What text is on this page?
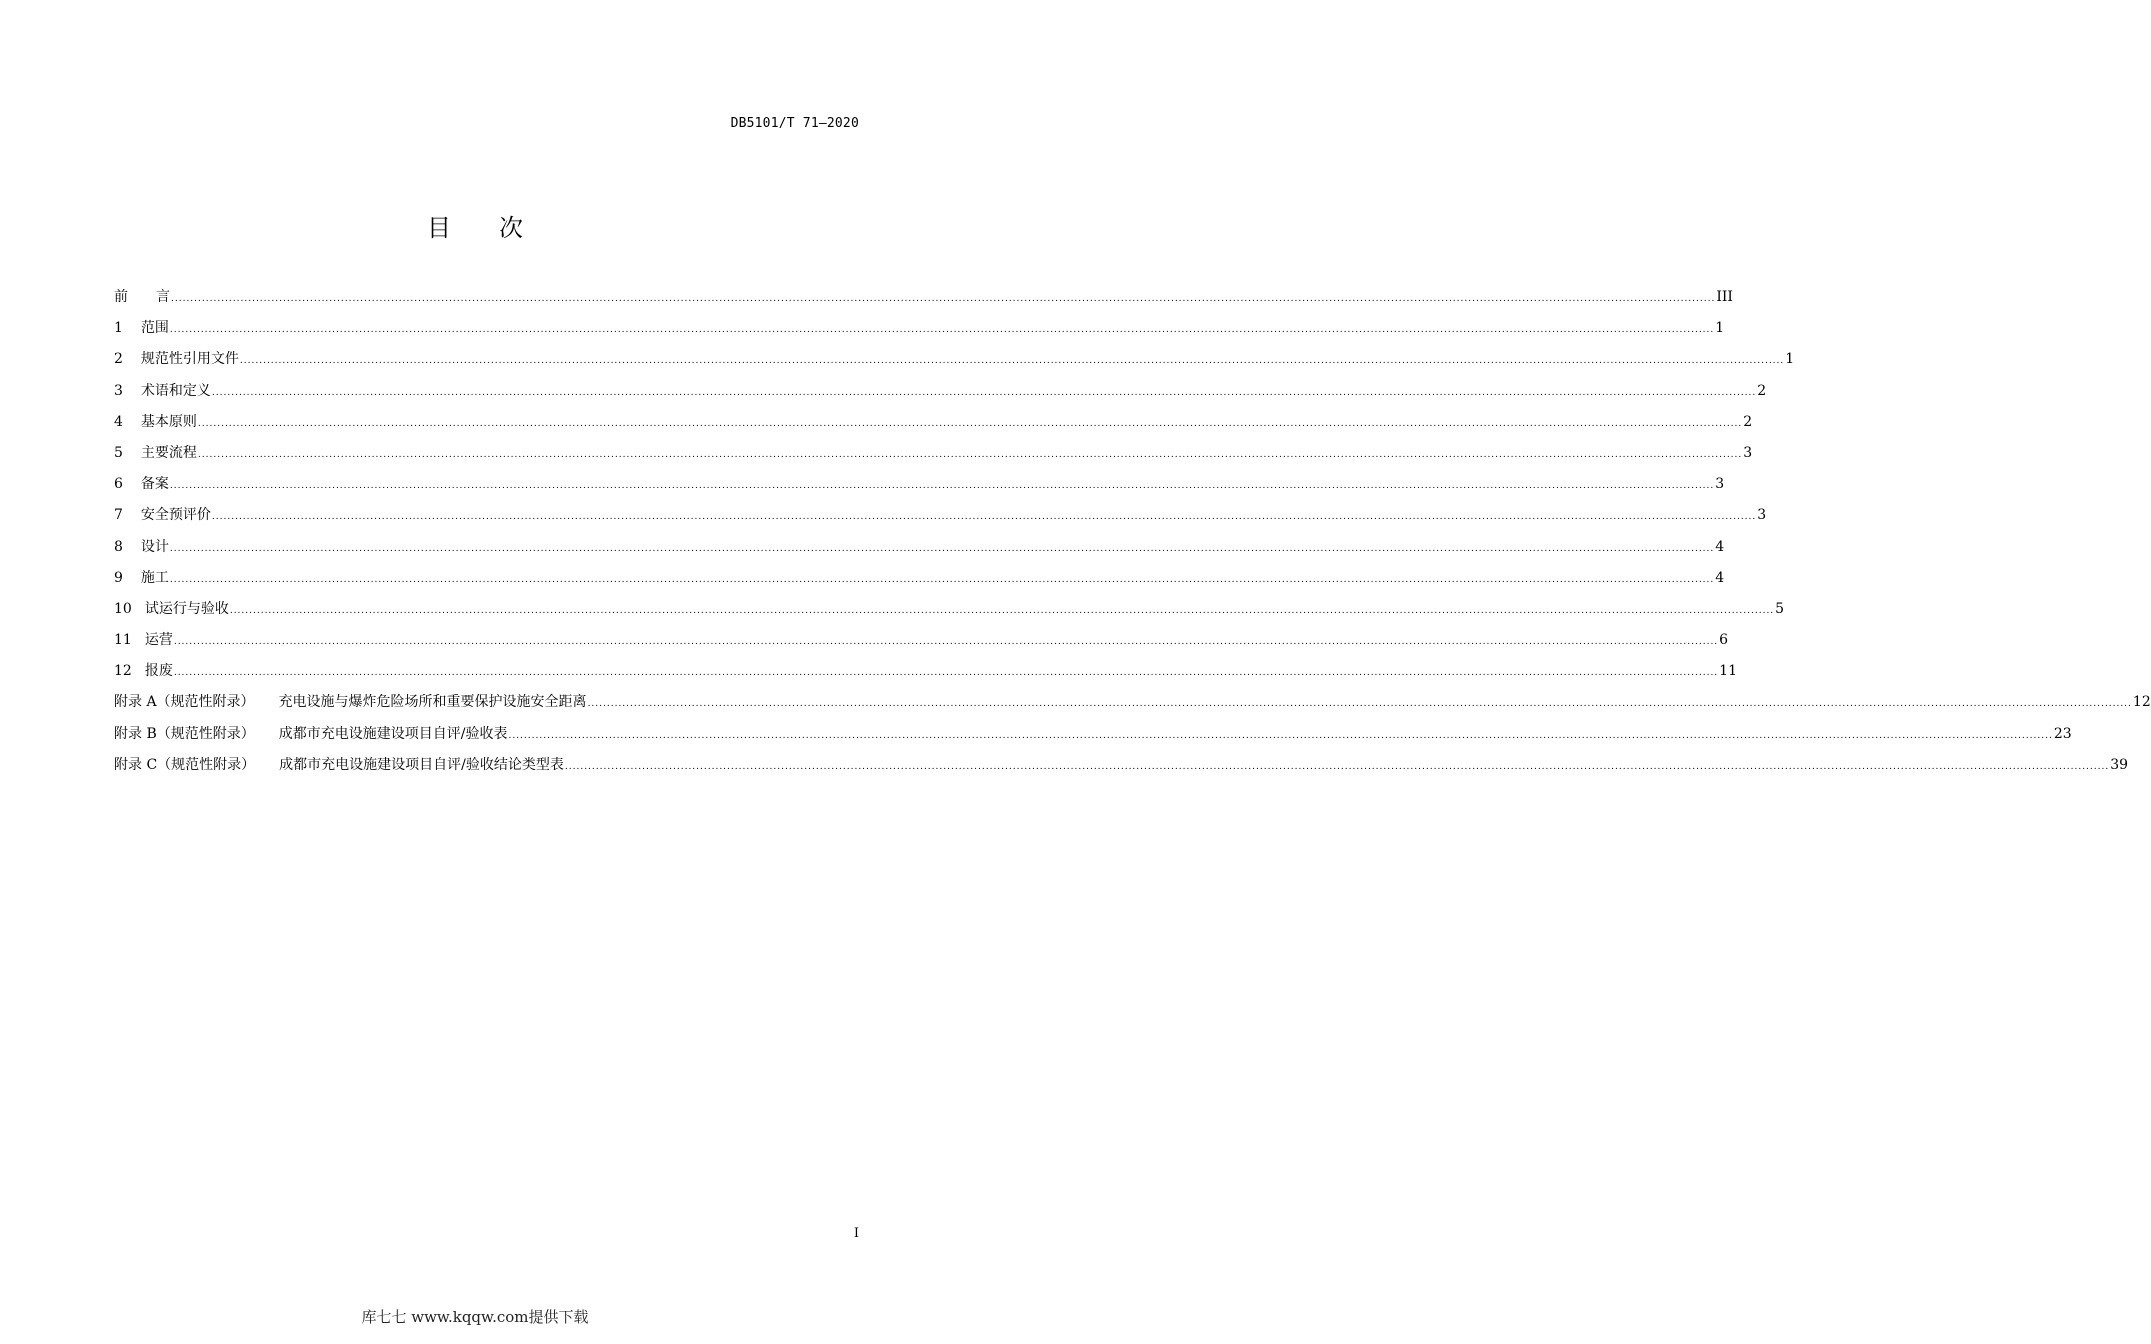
DB5101/T 71—2020
目次
前　　言 ................................................................................................................................................................................................................................................................................................................................................................................................................ III
1 范围 ................................................................................................................................................................................................................................................................................................................................................................................................................ 1
2 规范性引用文件 ................................................................................................................................................................................................................................................................................................................................................................................................................ 1
3 术语和定义 ................................................................................................................................................................................................................................................................................................................................................................................................................ 2
4 基本原则 ................................................................................................................................................................................................................................................................................................................................................................................................................ 2
5 主要流程 ................................................................................................................................................................................................................................................................................................................................................................................................................ 3
6 备案 ................................................................................................................................................................................................................................................................................................................................................................................................................ 3
7 安全预评价 ................................................................................................................................................................................................................................................................................................................................................................................................................ 3
8 设计 ................................................................................................................................................................................................................................................................................................................................................................................................................ 4
9 施工 ................................................................................................................................................................................................................................................................................................................................................................................................................ 4
10 试运行与验收 ................................................................................................................................................................................................................................................................................................................................................................................................................ 5
11 运营 ................................................................................................................................................................................................................................................................................................................................................................................................................ 6
12 报废 ................................................................................................................................................................................................................................................................................................................................................................................................................ 11
附录 A（规范性附录） 充电设施与爆炸危险场所和重要保护设施安全距离 ................................................................................................................................................................................................................................................................................................................................................................................................................ 12
附录 B（规范性附录） 成都市充电设施建设项目自评/验收表 ................................................................................................................................................................................................................................................................................................................................................................................................................ 23
附录 C（规范性附录） 成都市充电设施建设项目自评/验收结论类型表 ................................................................................................................................................................................................................................................................................................................................................................................................................ 39
I
库七七 www.kqqw.com提供下载
